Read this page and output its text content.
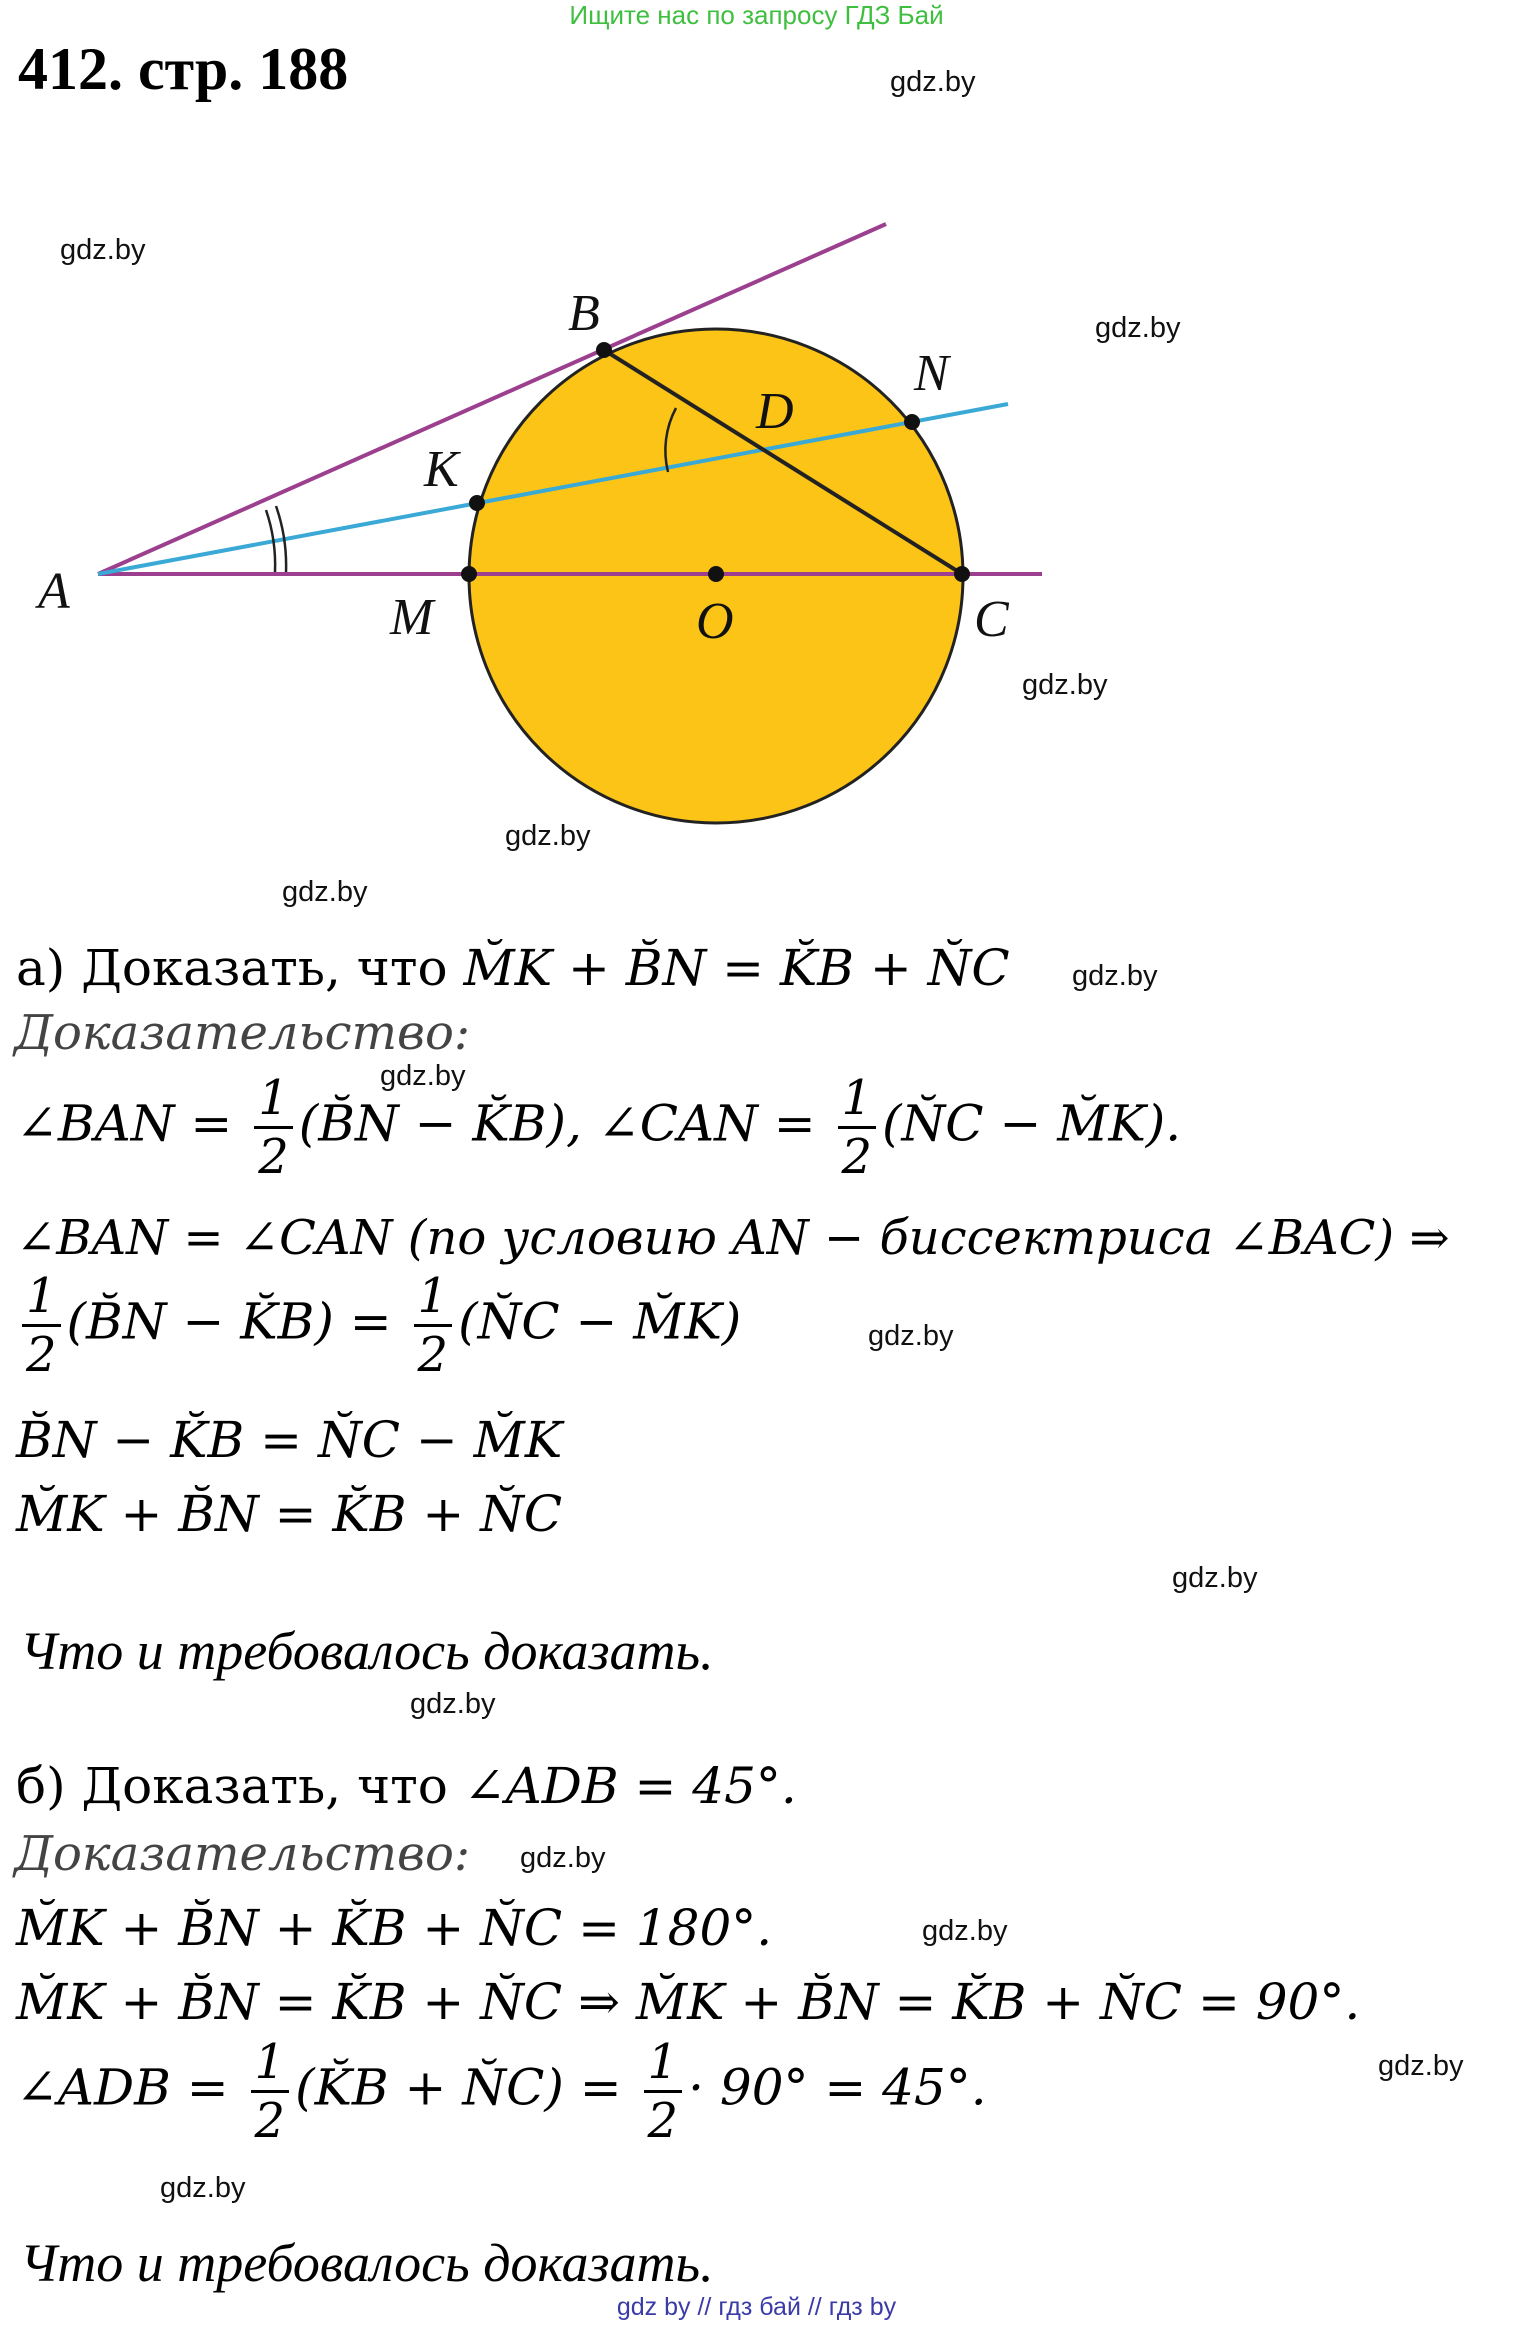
Ищите нас по запросу ГДЗ Бай
412. стр. 188	gdz.by
gdz.by
gdz.by
gdz.by
gdz.by
gdz.by
gdz.by
gdz.by
gdz.by
gdz.by
gdz.by
gdz.by
gdz.by
gdz.by
gdz.by
A
B
N
D
K
M	O	C
а) Доказать, что M̆K + B̆N = K̆B + N̆C
Доказательство:
∠BAN = $\frac{1}{2}$ (B̆N − K̆B), ∠CAN = $\frac{1}{2}$ (N̆C − M̆K).
∠BAN = ∠CAN (по условию AN − биссектриса ∠BAC) ⇒
$\frac{1}{2}$ (B̆N − K̆B) = $\frac{1}{2}$ (N̆C − M̆K)
B̆N − K̆B = N̆C − M̆K
M̆K + B̆N = K̆B + N̆C
Что и требовалось доказать.
б) Доказать, что ∠ADB = 45°.
Доказательство:
M̆K + B̆N + K̆B + N̆C = 180°.
M̆K + B̆N = K̆B + N̆C ⇒ M̆K + B̆N = K̆B + N̆C = 90°.
∠ADB = $\frac{1}{2}$ (K̆B + N̆C) = $\frac{1}{2} \cdot 90^\circ = 45^\circ$.
Что и требовалось доказать.
gdz by // гдз бай // гдз by
